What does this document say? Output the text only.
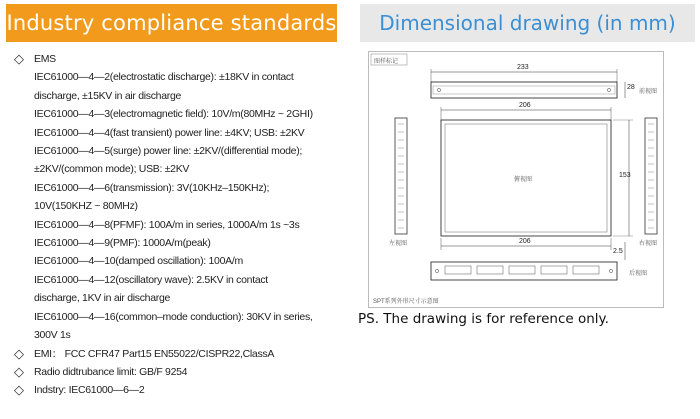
Industry compliance standards Dimensional drawing (in mm)
◇ EMS
IEC61000—4—2(electrostatic discharge): ±18KV in contact
discharge, ±15KV in air discharge
IEC61000—4—3(electromagnetic field): 10V/m(80MHz ~ 2GHI)
IEC61000—4—4(fast transient) power line: ±4KV; USB: ±2KV
IEC61000—4—5(surge) power line: ±2KV/(differential mode);
±2KV/(common mode); USB: ±2KV
IEC61000—4—6(transmission): 3V(10KHz–150KHz);
10V(150KHZ ~ 80MHz)
IEC61000—4—8(PFMF): 100A/m in series, 1000A/m 1s ~3s
IEC61000—4—9(PMF): 1000A/m(peak)
IEC61000—4—10(damped oscillation): 100A/m
IEC61000—4—12(oscillatory wave): 2.5KV in contact
discharge, 1KV in air discharge
IEC61000—4—16(common–mode conduction): 30KV in series,
300V 1s
◇ EMI： FCC CFR47 Part15 EN55022/CISPR22,ClassA
◇ Radio didtrubance limit: GB/F 9254
◇ Indstry: IEC61000—6—2
图样标记
233
28
206
153
206
2.5
俯视图
左视图	右视图
前视图
后视图
SPT系列外形尺寸示意图
PS. The drawing is for reference only.
